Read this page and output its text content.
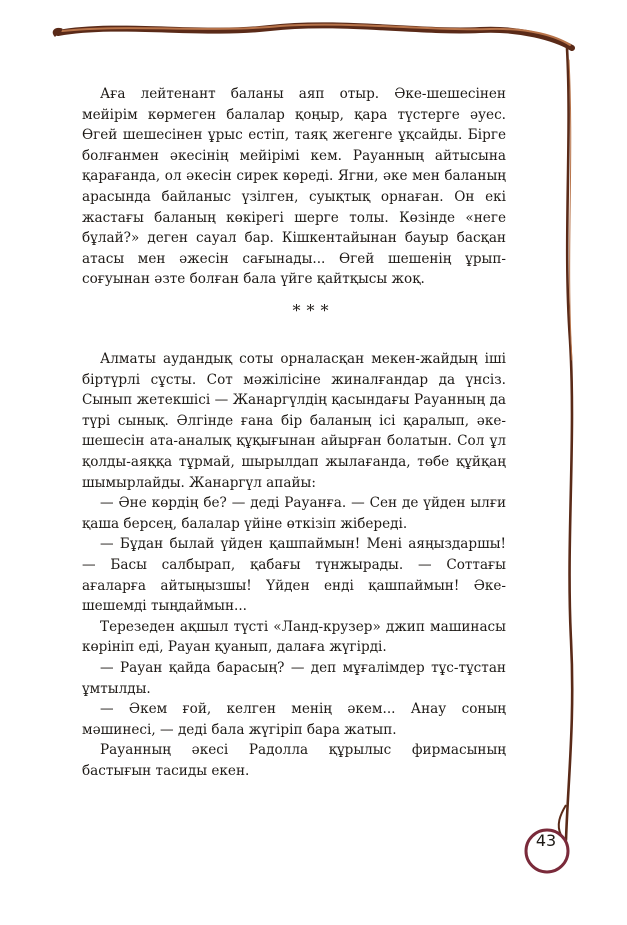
Аға лейтенант баланы аяп отыр. Әке-шешесінен мейірім көрмеген балалар қоңыр, қара түстерге әуес. Өгей шешесінен ұрыс естіп, таяқ жегенге ұқсайды. Бірге болғанмен әкесінің мейірімі кем. Рауанның айтысына қарағанда, ол әкесін сирек көреді. Ягни, әке мен баланың арасында байланыс үзілген, суықтық орнаған. Он екі жастағы баланың көкірегі шерге толы. Көзінде «неге бұлай?» деген сауал бар. Кішкентайынан бауыр басқан атасы мен әжесін сағынады... Өгей шешенің ұрып-соғуынан әзте болған бала үйге қайтқысы жоқ.

***

Алматы аудандық соты орналасқан мекен-жайдың іші біртүрлі сұсты. Сот мәжілісіне жиналғандар да үнсіз. Сынып жетекшісі — Жанаргүлдің қасындағы Рауанның да түрі сынық. Әлгінде ғана бір баланың ісі қаралып, әке-шешесін ата-аналық құқығынан айырған болатын. Сол ұл қолды-аяққа тұрмай, шырылдап жылағанда, төбе құйқаң шымырлайды. Жанаргүл апайы:

— Әне көрдің бе? — деді Рауанға. — Сен де үйден ылғи қаша берсең, балалар үйіне өткізіп жібереді.

— Бұдан былай үйден қашпаймын! Мені аяңыздаршы! — Басы салбырап, қабағы түнжырады. — Соттағы ағаларға айтыңызшы! Үйден енді қашпаймын! Әке-шешемді тыңдаймын...

Терезеден ақшыл түсті «Ланд-крузер» джип машинасы көрініп еді, Рауан қуанып, далаға жүгірді.

— Рауан қайда барасың? — деп мұғалімдер тұс-тұстан ұмтылды.

— Әкем ғой, келген менің әкем... Анау соның мәшинесі, — деді бала жүгіріп бара жатып.

Рауанның әкесі Радолла құрылыс фирмасының бастығын тасиды екен.

43
